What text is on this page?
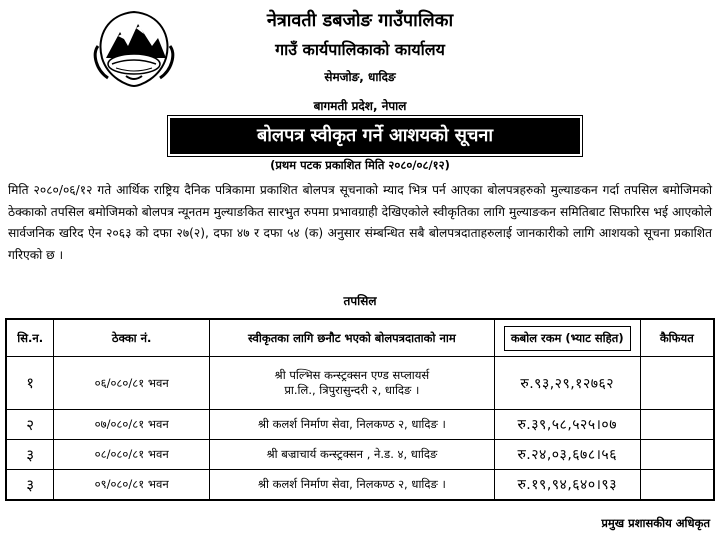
नेत्रावती डबजोङ गाउँपालिका
गाउँ कार्यपालिकाको कार्यालय
सेमजोङ, धादिङ
बागमती प्रदेश, नेपाल
बोलपत्र स्वीकृत गर्ने आशयको सूचना
(प्रथम पटक प्रकाशित मिति २०८०/०८/१२)

मिति २०८०/०६/१२ गते आर्थिक राष्ट्रिय दैनिक पत्रिकामा प्रकाशित बोलपत्र सूचनाको म्याद भित्र पर्न आएका बोलपत्रहरुको मुल्याङकन गर्दा तपसिल बमोजिमको ठेक्काको तपसिल बमोजिमको बोलपत्र न्यूनतम मुल्याङकित सारभुत रुपमा प्रभावग्राही देखिएकोले स्वीकृतिका लागि मुल्याङकन समितिबाट सिफारिस भई आएकोले सार्वजनिक खरिद ऐन २०६३ को दफा २७(२), दफा ४७ र दफा ५४ (क) अनुसार संम्बन्धित सबै बोलपत्रदाताहरुलाई जानकारीको लागि आशयको सूचना प्रकाशित गरिएको छ ।

तपसिल
सि.न.	ठेक्का नं.	स्वीकृतका लागि छनौट भएको बोलपत्रदाताको नाम	कबोल रकम (भ्याट सहित)	कैफियत
१	०६/०८०/८१ भवन	श्री पल्भिस कन्स्ट्रक्सन एण्ड सप्लायर्स
प्रा.लि., त्रिपुरासुन्दरी २, धादिङ ।	रु.९३,२९,१२७६२	
२	०७/०८०/८१ भवन	श्री कलर्श निर्माण सेवा, निलकण्ठ २, धादिङ ।	रु.३९,५८,५२५।०७	
३	०८/०८०/८१ भवन	श्री बज्राचार्य कन्स्ट्रक्सन , ने.ड. ४, धादिङ	रु.२४,०३,६७८।५६	
३	०९/०८०/८१ भवन	श्री कलर्श निर्माण सेवा, निलकण्ठ २, धादिङ ।	रु.१९,९४,६४०।९३	
प्रमुख प्रशासकीय अधिकृत
